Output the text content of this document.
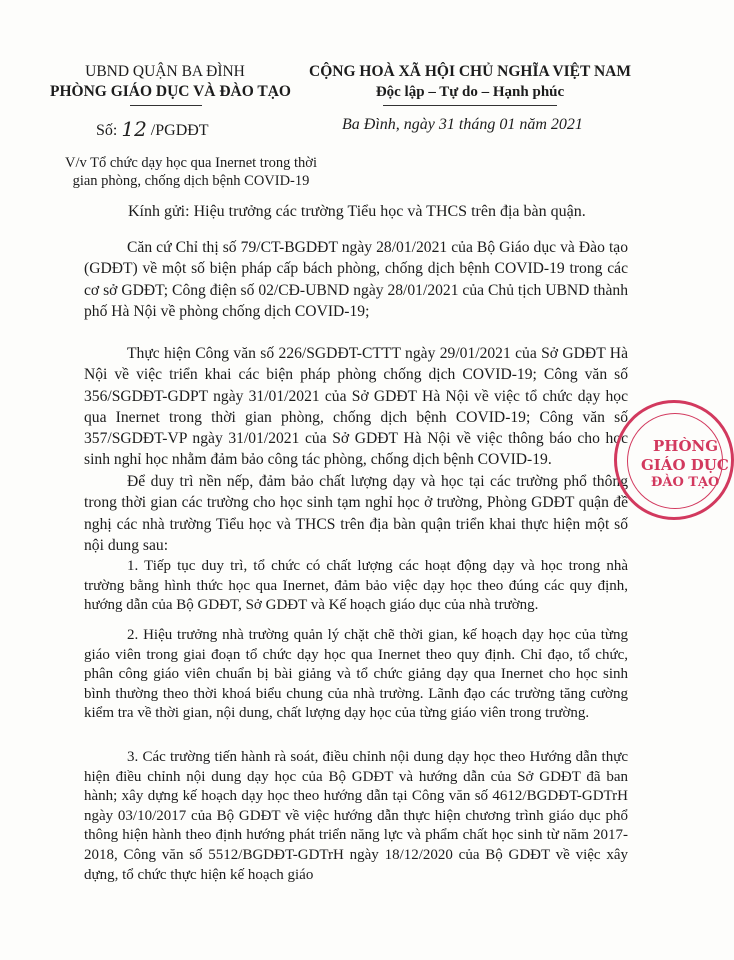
UBND QUẬN BA ĐÌNH
PHÒNG GIÁO DỤC VÀ ĐÀO TẠO
CỘNG HOÀ XÃ HỘI CHỦ NGHĨA VIỆT NAM
Độc lập – Tự do – Hạnh phúc
Số: 12 /PGDĐT	Ba Đình, ngày 31 tháng 01 năm 2021
V/v Tổ chức dạy học qua Inernet trong thời gian phòng, chống dịch bệnh COVID-19
Kính gửi: Hiệu trưởng các trường Tiểu học và THCS trên địa bàn quận.

Căn cứ Chỉ thị số 79/CT-BGDĐT ngày 28/01/2021 của Bộ Giáo dục và Đào tạo (GDĐT) về một số biện pháp cấp bách phòng, chống dịch bệnh COVID-19 trong các cơ sở GDĐT; Công điện số 02/CĐ-UBND ngày 28/01/2021 của Chủ tịch UBND thành phố Hà Nội về phòng chống dịch COVID-19;

Thực hiện Công văn số 226/SGDĐT-CTTT ngày 29/01/2021 của Sở GDĐT Hà Nội về việc triển khai các biện pháp phòng chống dịch COVID-19; Công văn số 356/SGDĐT-GDPT ngày 31/01/2021 của Sở GDĐT Hà Nội về việc tổ chức dạy học qua Inernet trong thời gian phòng, chống dịch bệnh COVID-19; Công văn số 357/SGDĐT-VP ngày 31/01/2021 của Sở GDĐT Hà Nội về việc thông báo cho học sinh nghỉ học nhằm đảm bảo công tác phòng, chống dịch bệnh COVID-19.

Để duy trì nền nếp, đảm bảo chất lượng dạy và học tại các trường phổ thông trong thời gian các trường cho học sinh tạm nghỉ học ở trường, Phòng GDĐT quận đề nghị các nhà trường Tiểu học và THCS trên địa bàn quận triển khai thực hiện một số nội dung sau:

1. Tiếp tục duy trì, tổ chức có chất lượng các hoạt động dạy và học trong nhà trường bằng hình thức học qua Inernet, đảm bảo việc dạy học theo đúng các quy định, hướng dẫn của Bộ GDĐT, Sở GDĐT và Kế hoạch giáo dục của nhà trường.

2. Hiệu trưởng nhà trường quản lý chặt chẽ thời gian, kế hoạch dạy học của từng giáo viên trong giai đoạn tổ chức dạy học qua Inernet theo quy định. Chỉ đạo, tổ chức, phân công giáo viên chuẩn bị bài giảng và tổ chức giảng dạy qua Inernet cho học sinh bình thường theo thời khoá biểu chung của nhà trường. Lãnh đạo các trường tăng cường kiểm tra về thời gian, nội dung, chất lượng dạy học của từng giáo viên trong trường.

3. Các trường tiến hành rà soát, điều chỉnh nội dung dạy học theo Hướng dẫn thực hiện điều chỉnh nội dung dạy học của Bộ GDĐT và hướng dẫn của Sở GDĐT đã ban hành; xây dựng kế hoạch dạy học theo hướng dẫn tại Công văn số 4612/BGDĐT-GDTrH ngày 03/10/2017 của Bộ GDĐT về việc hướng dẫn thực hiện chương trình giáo dục phổ thông hiện hành theo định hướng phát triển năng lực và phẩm chất học sinh từ năm 2017-2018, Công văn số 5512/BGDĐT-GDTrH ngày 18/12/2020 của Bộ GDĐT về việc xây dựng, tổ chức thực hiện kế hoạch giáo

PHÒNG
GIÁO DỤC
ĐÀO TẠO
